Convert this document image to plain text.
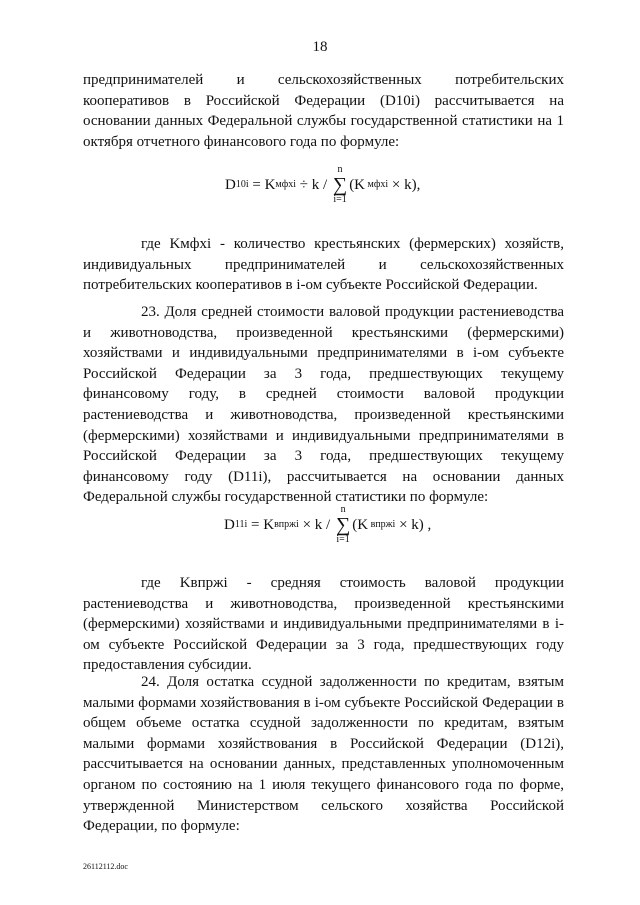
18

предпринимателей и сельскохозяйственных потребительских кооперативов в Российской Федерации (D10i) рассчитывается на основании данных Федеральной службы государственной статистики на 1 октября отчетного финансового года по формуле:

D 10i = K мфхi ÷ k /
n
∑
i=1
(K мфхi × k),

где Kмфхi - количество крестьянских (фермерских) хозяйств, индивидуальных предпринимателей и сельскохозяйственных потребительских кооперативов в i-ом субъекте Российской Федерации.

23. Доля средней стоимости валовой продукции растениеводства и животноводства, произведенной крестьянскими (фермерскими) хозяйствами и индивидуальными предпринимателями в i-ом субъекте Российской Федерации за 3 года, предшествующих текущему финансовому году, в средней стоимости валовой продукции растениеводства и животноводства, произведенной крестьянскими (фермерскими) хозяйствами и индивидуальными предпринимателями в Российской Федерации за 3 года, предшествующих текущему финансовому году (D11i), рассчитывается на основании данных Федеральной службы государственной статистики по формуле:

D 11i = K впржi × k /
n
∑
i=1
(K впржi × k) ,

где Kвпржi - средняя стоимость валовой продукции растениеводства и животноводства, произведенной крестьянскими (фермерскими) хозяйствами и индивидуальными предпринимателями в i-ом субъекте Российской Федерации за 3 года, предшествующих году предоставления субсидии.

24. Доля остатка ссудной задолженности по кредитам, взятым малыми формами хозяйствования в i-ом субъекте Российской Федерации в общем объеме остатка ссудной задолженности по кредитам, взятым малыми формами хозяйствования в Российской Федерации (D12i), рассчитывается на основании данных, представленных уполномоченным органом по состоянию на 1 июля текущего финансового года по форме, утвержденной Министерством сельского хозяйства Российской Федерации, по формуле:

26112112.doc
